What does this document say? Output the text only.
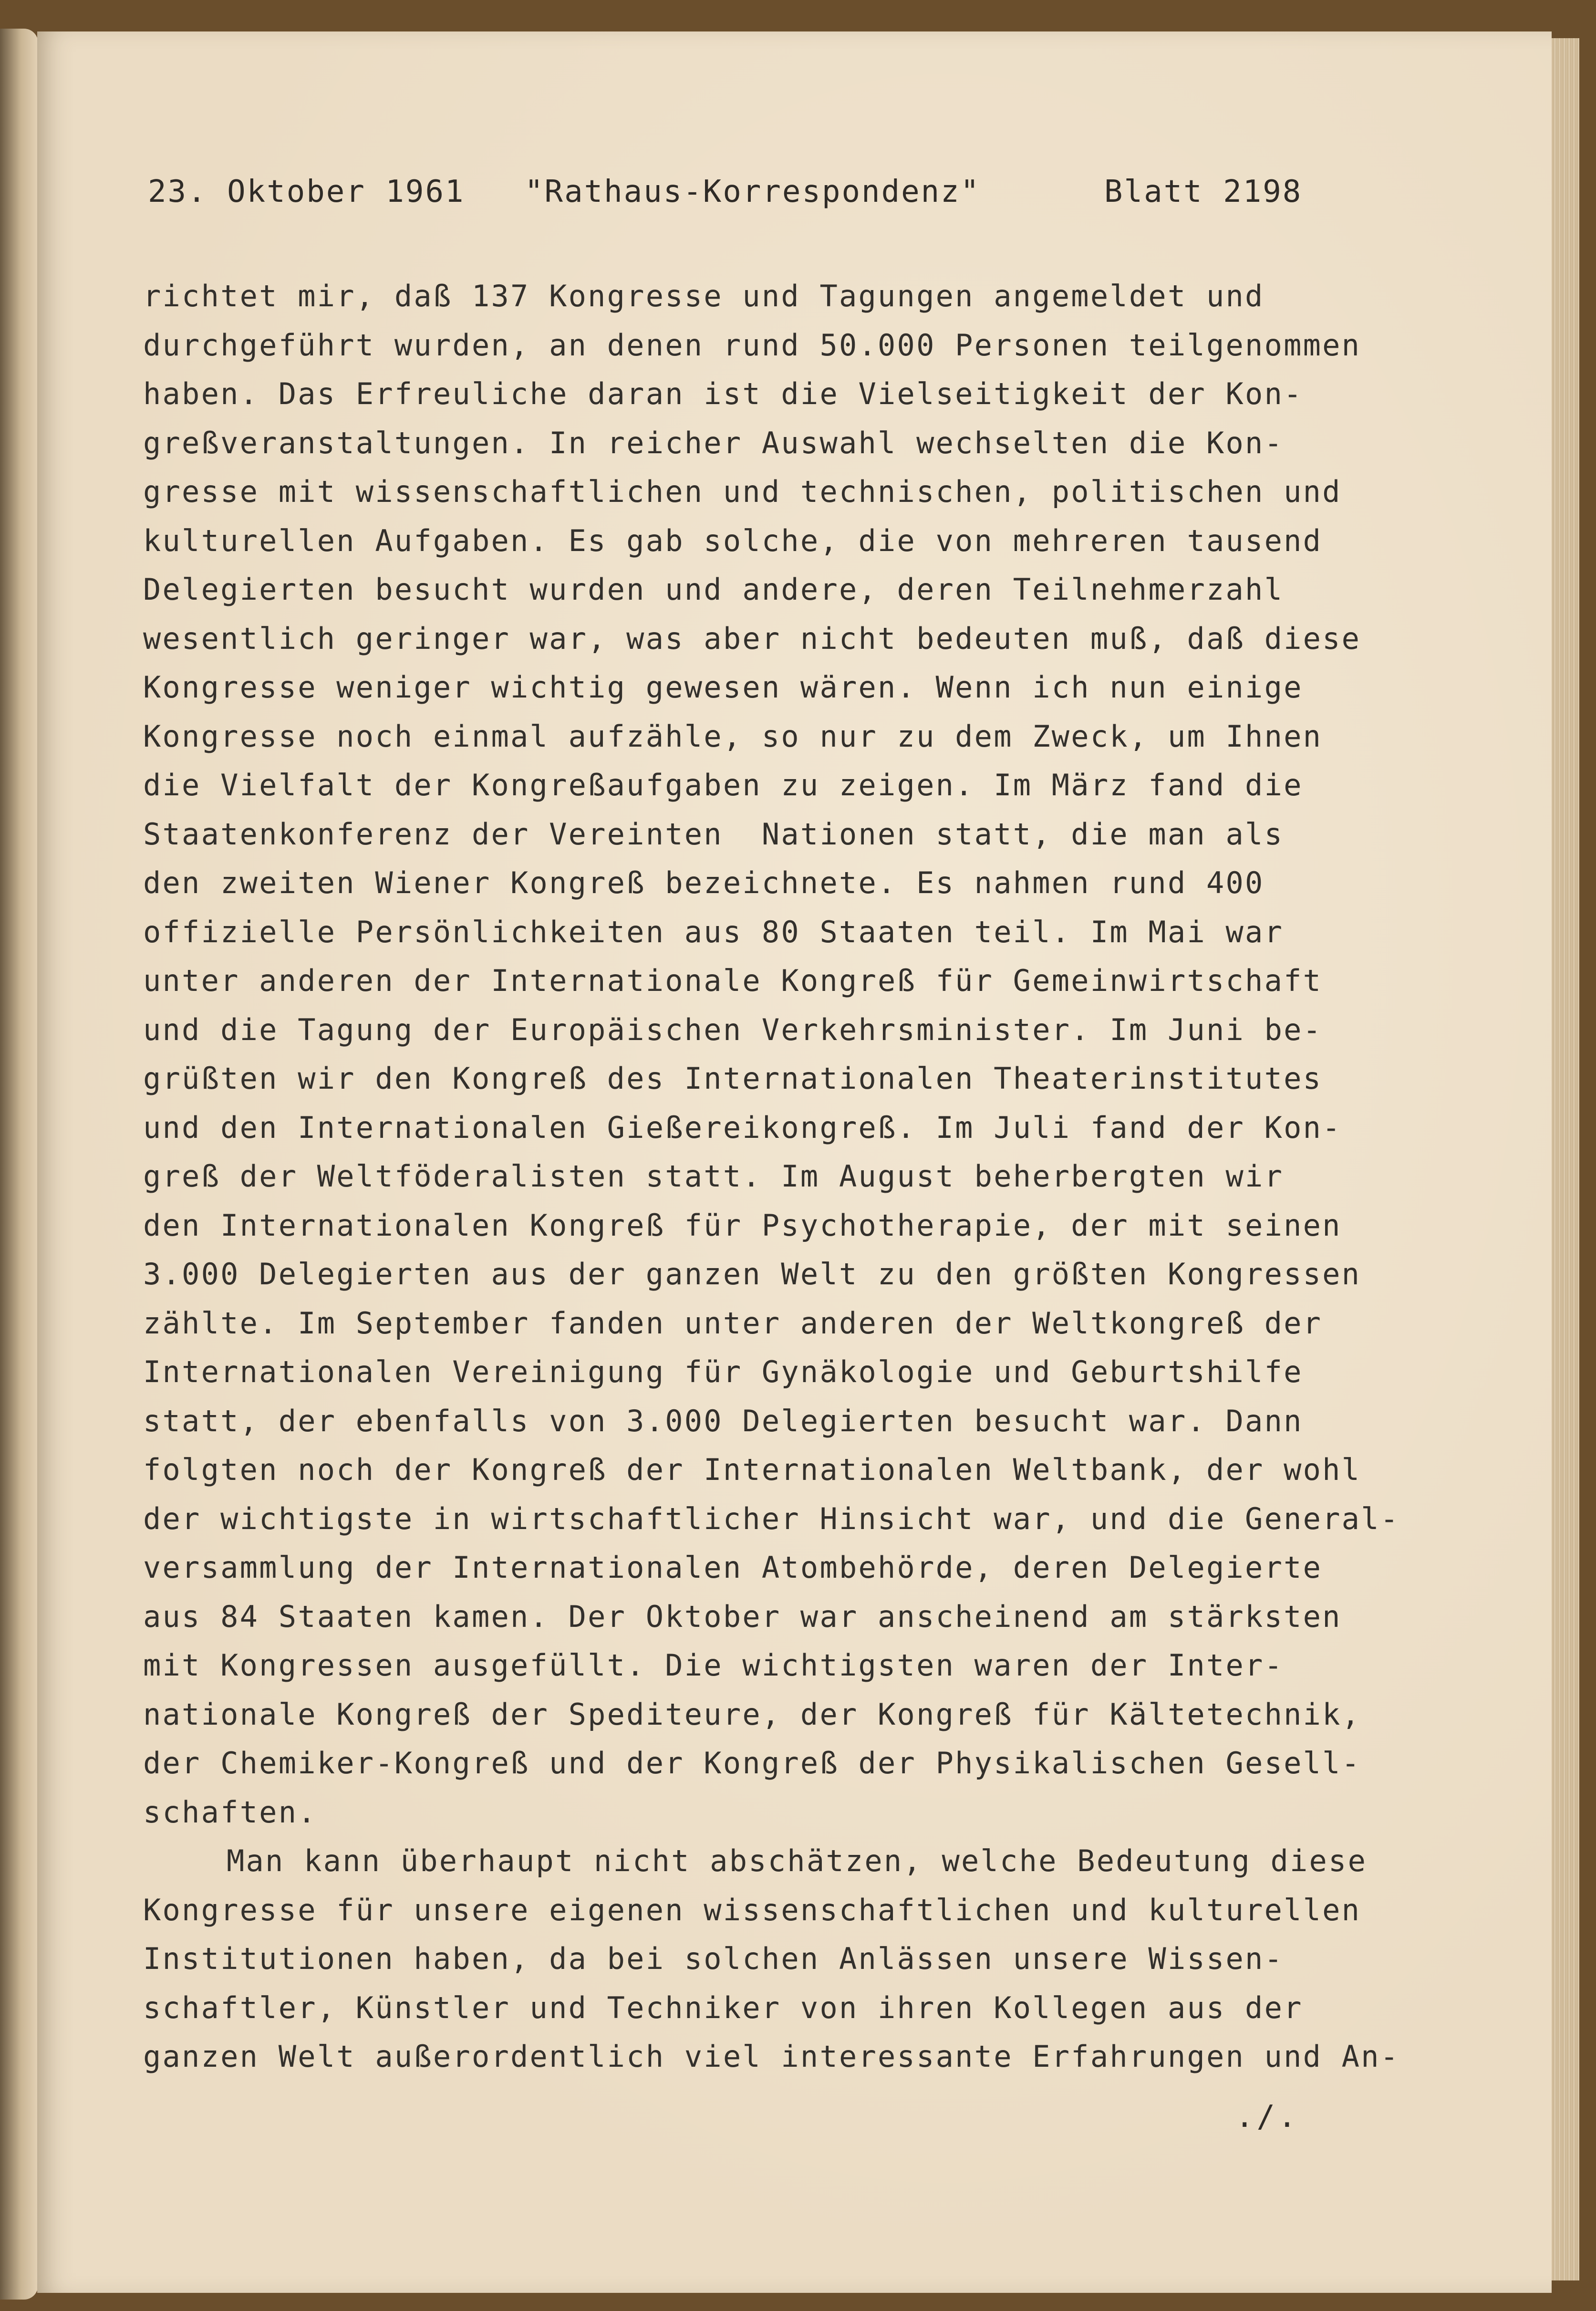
23. Oktober 1961

"Rathaus-Korrespondenz"

	Blatt 2198

richtet mir, daß 137 Kongresse und Tagungen angemeldet und
durchgeführt wurden, an denen rund 50.000 Personen teilgenommen
haben. Das Erfreuliche daran ist die Vielseitigkeit der Kon-
greßveranstaltungen. In reicher Auswahl wechselten die Kon-
gresse mit wissenschaftlichen und technischen, politischen und
kulturellen Aufgaben. Es gab solche, die von mehreren tausend
Delegierten besucht wurden und andere, deren Teilnehmerzahl
wesentlich geringer war, was aber nicht bedeuten muß, daß diese
Kongresse weniger wichtig gewesen wären. Wenn ich nun einige
Kongresse noch einmal aufzähle, so nur zu dem Zweck, um Ihnen
die Vielfalt der Kongreßaufgaben zu zeigen. Im März fand die
Staatenkonferenz der Vereinten  Nationen statt, die man als
den zweiten Wiener Kongreß bezeichnete. Es nahmen rund 400
offizielle Persönlichkeiten aus 80 Staaten teil. Im Mai war
unter anderen der Internationale Kongreß für Gemeinwirtschaft
und die Tagung der Europäischen Verkehrsminister. Im Juni be-
grüßten wir den Kongreß des Internationalen Theaterinstitutes
und den Internationalen Gießereikongreß. Im Juli fand der Kon-
greß der Weltföderalisten statt. Im August beherbergten wir
den Internationalen Kongreß für Psychotherapie, der mit seinen
3.000 Delegierten aus der ganzen Welt zu den größten Kongressen
zählte. Im September fanden unter anderen der Weltkongreß der
Internationalen Vereinigung für Gynäkologie und Geburtshilfe
statt, der ebenfalls von 3.000 Delegierten besucht war. Dann
folgten noch der Kongreß der Internationalen Weltbank, der wohl
der wichtigste in wirtschaftlicher Hinsicht war, und die General-
versammlung der Internationalen Atombehörde, deren Delegierte
aus 84 Staaten kamen. Der Oktober war anscheinend am stärksten
mit Kongressen ausgefüllt. Die wichtigsten waren der Inter-
nationale Kongreß der Spediteure, der Kongreß für Kältetechnik,
der Chemiker-Kongreß und der Kongreß der Physikalischen Gesell-
schaften.
Man kann überhaupt nicht abschätzen, welche Bedeutung diese
Kongresse für unsere eigenen wissenschaftlichen und kulturellen
Institutionen haben, da bei solchen Anlässen unsere Wissen-
schaftler, Künstler und Techniker von ihren Kollegen aus der
ganzen Welt außerordentlich viel interessante Erfahrungen und An-
./.
